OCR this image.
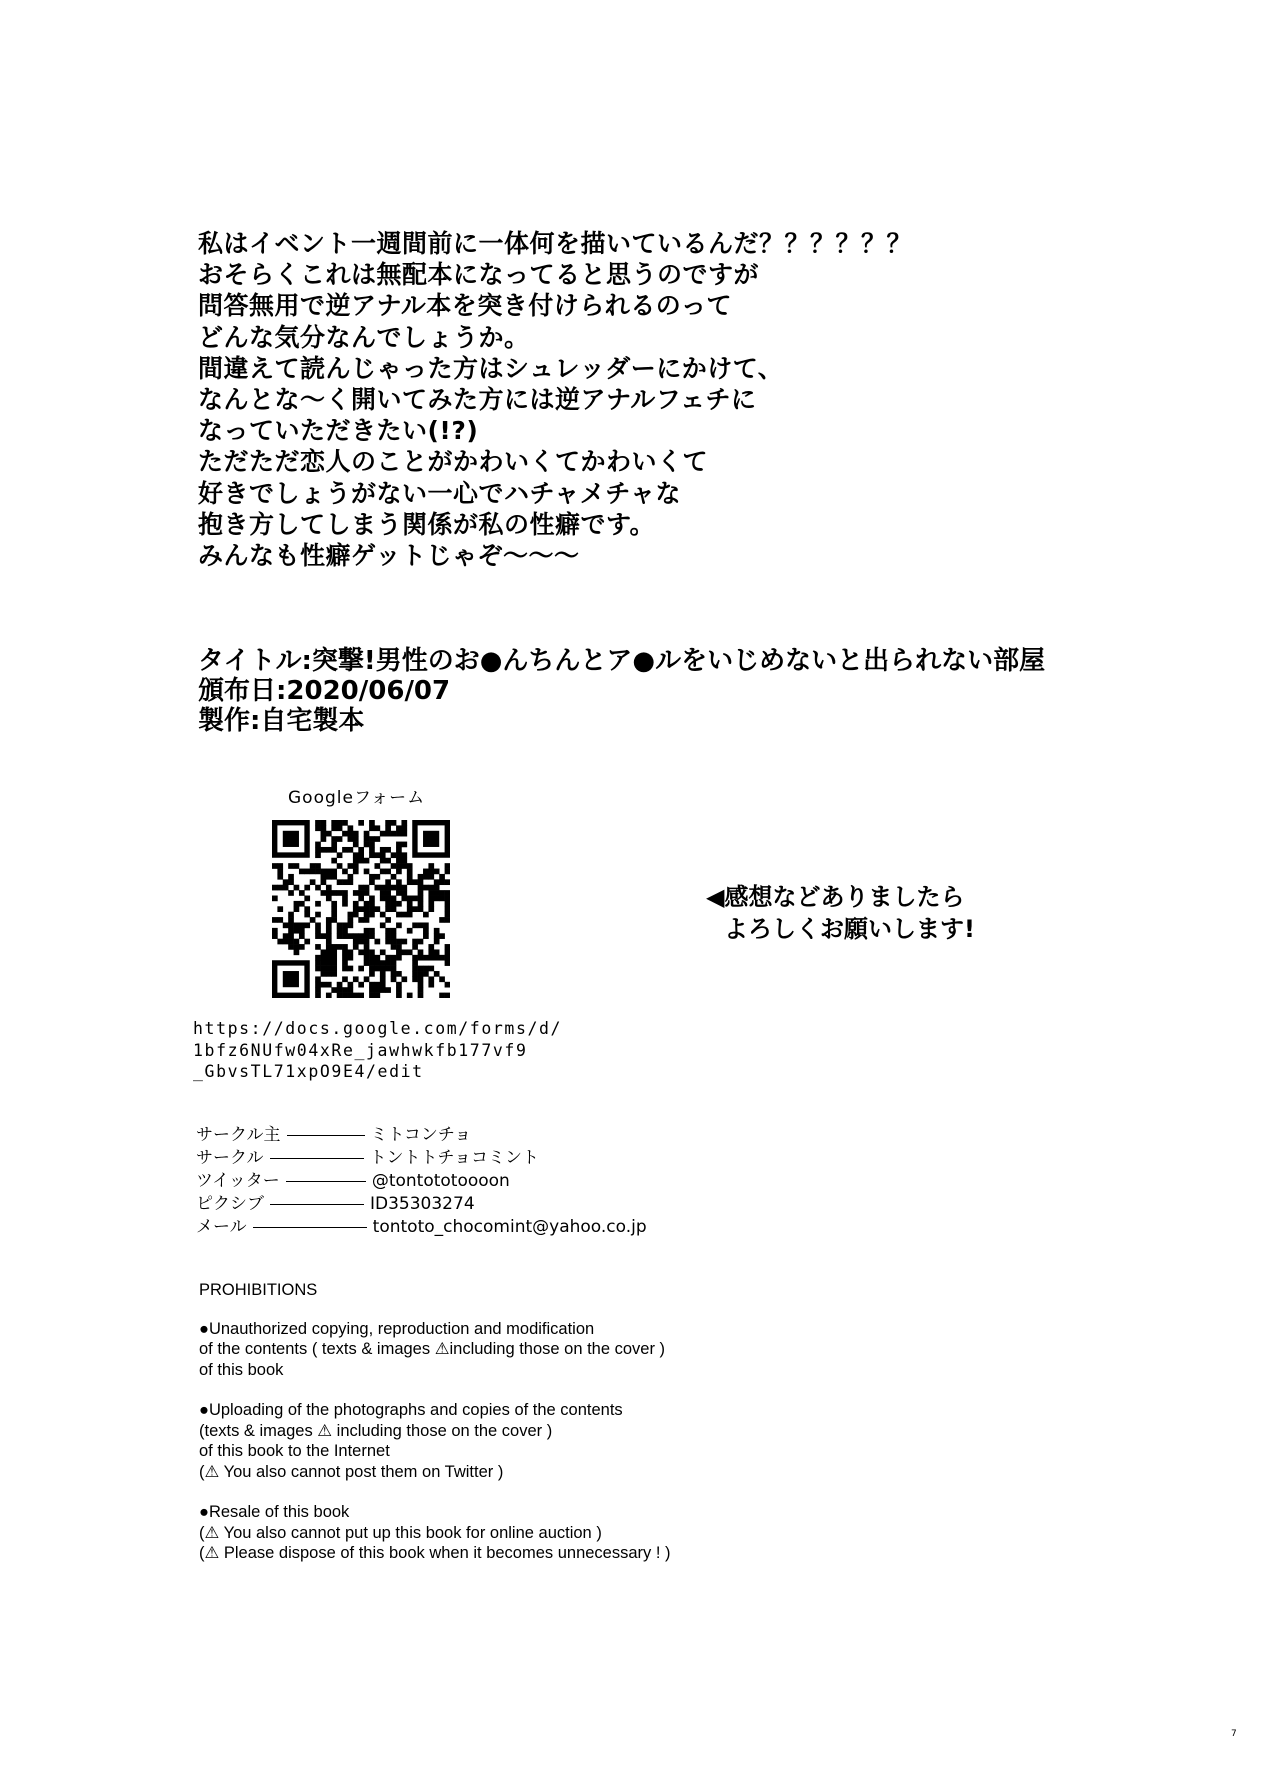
私はイベント一週間前に一体何を描いているんだ？？？？？？
おそらくこれは無配本になってると思うのですが
問答無用で逆アナル本を突き付けられるのって
どんな気分なんでしょうか。
間違えて読んじゃった方はシュレッダーにかけて、
なんとな〜く開いてみた方には逆アナルフェチに
なっていただきたい(!?)
ただただ恋人のことがかわいくてかわいくて
好きでしょうがない一心でハチャメチャな
抱き方してしまう関係が私の性癖です。
みんなも性癖ゲットじゃぞ〜〜〜
タイトル:突撃!男性のお●んちんとア●ルをいじめないと出られない部屋
頒布日:2020/06/07
製作:自宅製本
Googleフォーム
◀感想などありましたら
よろしくお願いします!
https://docs.google.com/forms/d/
1bfz6NUfw04xRe_jawhwkfb177vf9
_GbvsTL71xpO9E4/edit
サークル主	ミトコンチョ
サークル	トントトチョコミント
ツイッター	@tontototoooon
ピクシブ	ID35303274
メール	tontoto_chocomint@yahoo.co.jp
PROHIBITIONS
●Unauthorized copying, reproduction and modification
of the contents ( texts & images ⚠including those on the cover )
of this book
●Uploading of the photographs and copies of the contents
(texts & images ⚠ including those on the cover )
of this book to the Internet
(⚠ You also cannot post them on Twitter )
●Resale of this book
(⚠ You also cannot put up this book for online auction )
(⚠ Please dispose of this book when it becomes unnecessary ! )
7
